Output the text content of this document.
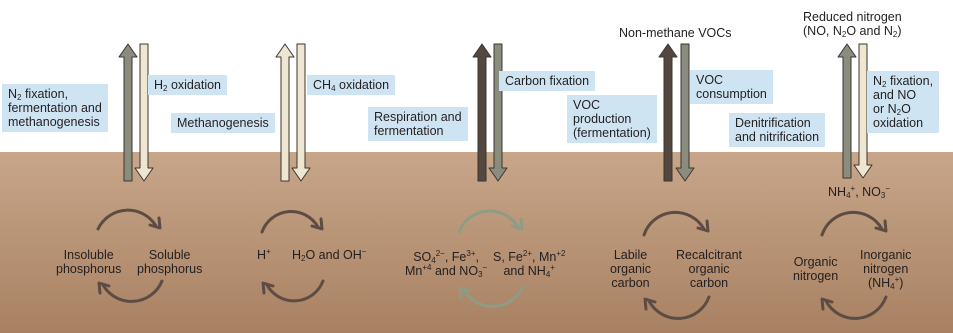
$N_2$ fixation,
fermentation and
methanogenesis
$H_2$ oxidation
Methanogenesis
$CH_4$ oxidation
Respiration and
fermentation
Carbon fixation
VOC
production
(fermentation)
Non-methane VOCs
VOC
consumption
Reduced nitrogen
(NO, $N_2O$ and $N_2$)
Denitrification
and nitrification
$N_2$ fixation,
and NO
or $N_2O$
oxidation
$NH_4^+$, $NO_3^-$
Insoluble
phosphorus
Soluble
phosphorus
H+ $H_2O$ and OH−	$SO_4^{2-}$, $Fe^{3+}$,
$Mn^{+4}$ and $NO_3^-$
S, $Fe^{2+}$, $Mn^{+2}$
and $NH_4^+$
Labile
organic
carbon
Recalcitrant
organic
carbon
Organic
nitrogen
Inorganic
nitrogen
$(NH_4^+)$
